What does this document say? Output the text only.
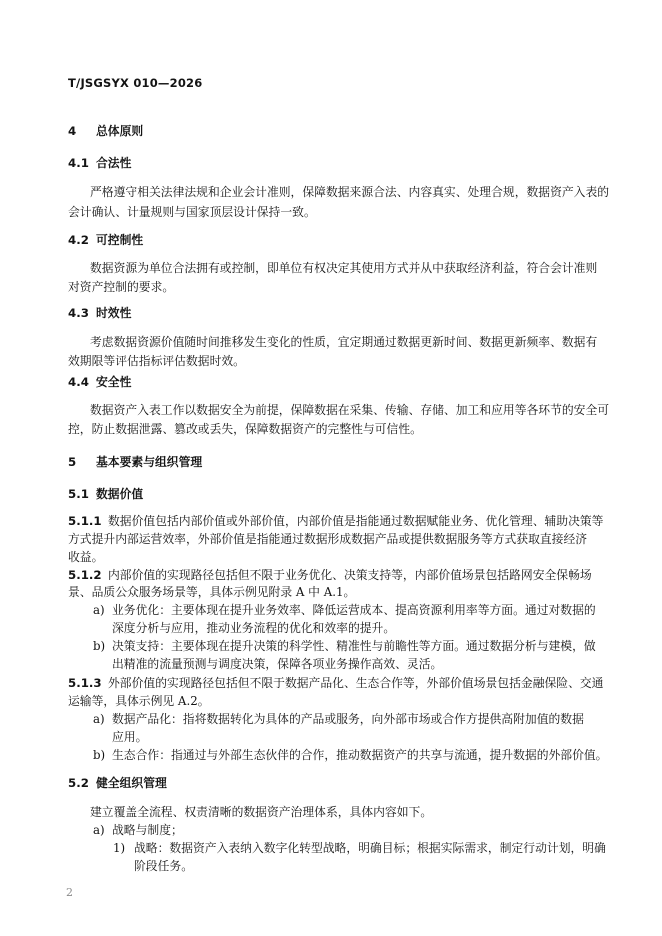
T/JSGSYX 010—2026
4 总体原则
4.1 合法性
严格遵守相关法律法规和企业会计准则，保障数据来源合法、内容真实、处理合规，数据资产入表的
会计确认、计量规则与国家顶层设计保持一致。
4.2 可控制性
数据资源为单位合法拥有或控制，即单位有权决定其使用方式并从中获取经济利益，符合会计准则
对资产控制的要求。
4.3 时效性
考虑数据资源价值随时间推移发生变化的性质，宜定期通过数据更新时间、数据更新频率、数据有
效期限等评估指标评估数据时效。
4.4 安全性
数据资产入表工作以数据安全为前提，保障数据在采集、传输、存储、加工和应用等各环节的安全可
控，防止数据泄露、篡改或丢失，保障数据资产的完整性与可信性。
5 基本要素与组织管理
5.1 数据价值
5.1.1 数据价值包括内部价值或外部价值，内部价值是指能通过数据赋能业务、优化管理、辅助决策等
方式提升内部运营效率，外部价值是指能通过数据形成数据产品或提供数据服务等方式获取直接经济
收益。
5.1.2 内部价值的实现路径包括但不限于业务优化、决策支持等，内部价值场景包括路网安全保畅场
景、品质公众服务场景等，具体示例见附录 A 中 A.1。
a) 业务优化：主要体现在提升业务效率、降低运营成本、提高资源利用率等方面。通过对数据的
深度分析与应用，推动业务流程的优化和效率的提升。
b) 决策支持：主要体现在提升决策的科学性、精准性与前瞻性等方面。通过数据分析与建模，做
出精准的流量预测与调度决策，保障各项业务操作高效、灵活。
5.1.3 外部价值的实现路径包括但不限于数据产品化、生态合作等，外部价值场景包括金融保险、交通
运输等，具体示例见 A.2。
a) 数据产品化：指将数据转化为具体的产品或服务，向外部市场或合作方提供高附加值的数据
应用。
b) 生态合作：指通过与外部生态伙伴的合作，推动数据资产的共享与流通，提升数据的外部价值。
5.2 健全组织管理
建立覆盖全流程、权责清晰的数据资产治理体系，具体内容如下。
a) 战略与制度；
1) 战略：数据资产入表纳入数字化转型战略，明确目标；根据实际需求，制定行动计划，明确
阶段任务。
2
